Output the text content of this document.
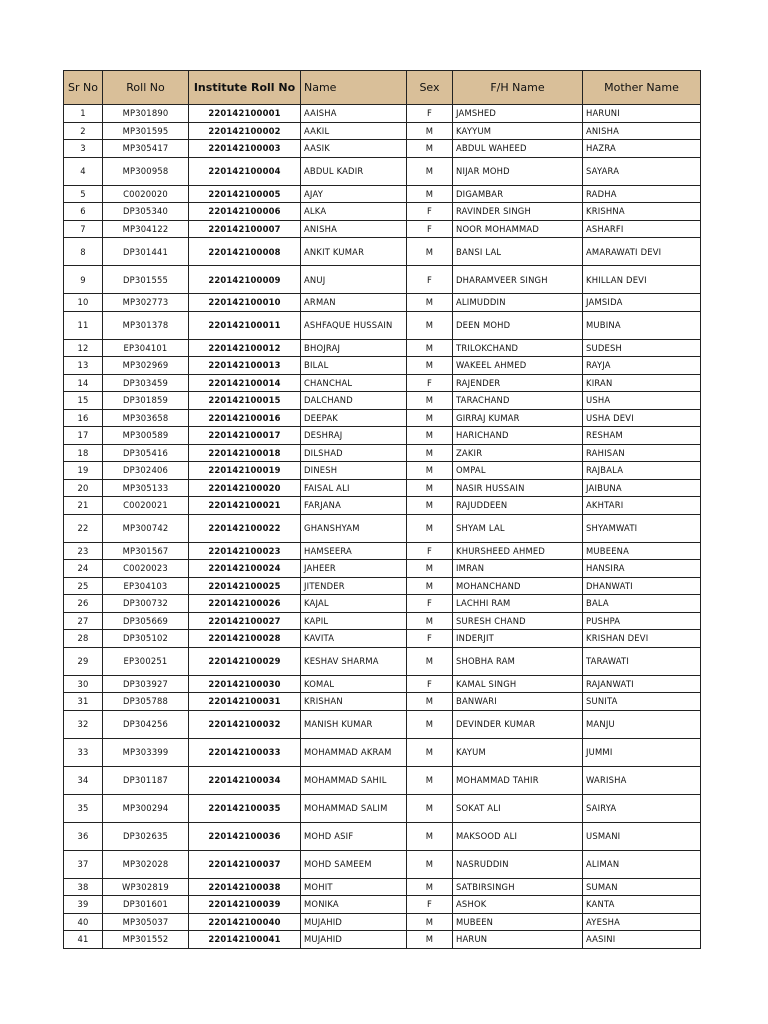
Sr No	Roll No	Institute Roll No	Name	Sex	F/H Name	Mother Name
1	MP301890	220142100001	AAISHA	F	JAMSHED	HARUNI
2	MP301595	220142100002	AAKIL	M	KAYYUM	ANISHA
3	MP305417	220142100003	AASIK	M	ABDUL WAHEED	HAZRA
4	MP300958	220142100004	ABDUL KADIR	M	NIJAR MOHD	SAYARA
5	C0020020	220142100005	AJAY	M	DIGAMBAR	RADHA
6	DP305340	220142100006	ALKA	F	RAVINDER SINGH	KRISHNA
7	MP304122	220142100007	ANISHA	F	NOOR MOHAMMAD	ASHARFI
8	DP301441	220142100008	ANKIT KUMAR	M	BANSI LAL	AMARAWATI DEVI
9	DP301555	220142100009	ANUJ	F	DHARAMVEER SINGH	KHILLAN DEVI
10	MP302773	220142100010	ARMAN	M	ALIMUDDIN	JAMSIDA
11	MP301378	220142100011	ASHFAQUE HUSSAIN	M	DEEN MOHD	MUBINA
12	EP304101	220142100012	BHOJRAJ	M	TRILOKCHAND	SUDESH
13	MP302969	220142100013	BILAL	M	WAKEEL AHMED	RAYJA
14	DP303459	220142100014	CHANCHAL	F	RAJENDER	KIRAN
15	DP301859	220142100015	DALCHAND	M	TARACHAND	USHA
16	MP303658	220142100016	DEEPAK	M	GIRRAJ KUMAR	USHA DEVI
17	MP300589	220142100017	DESHRAJ	M	HARICHAND	RESHAM
18	DP305416	220142100018	DILSHAD	M	ZAKIR	RAHISAN
19	DP302406	220142100019	DINESH	M	OMPAL	RAJBALA
20	MP305133	220142100020	FAISAL ALI	M	NASIR HUSSAIN	JAIBUNA
21	C0020021	220142100021	FARJANA	M	RAJUDDEEN	AKHTARI
22	MP300742	220142100022	GHANSHYAM	M	SHYAM LAL	SHYAMWATI
23	MP301567	220142100023	HAMSEERA	F	KHURSHEED AHMED	MUBEENA
24	C0020023	220142100024	JAHEER	M	IMRAN	HANSIRA
25	EP304103	220142100025	JITENDER	M	MOHANCHAND	DHANWATI
26	DP300732	220142100026	KAJAL	F	LACHHI RAM	BALA
27	DP305669	220142100027	KAPIL	M	SURESH CHAND	PUSHPA
28	DP305102	220142100028	KAVITA	F	INDERJIT	KRISHAN DEVI
29	EP300251	220142100029	KESHAV SHARMA	M	SHOBHA RAM	TARAWATI
30	DP303927	220142100030	KOMAL	F	KAMAL SINGH	RAJANWATI
31	DP305788	220142100031	KRISHAN	M	BANWARI	SUNITA
32	DP304256	220142100032	MANISH KUMAR	M	DEVINDER KUMAR	MANJU
33	MP303399	220142100033	MOHAMMAD AKRAM	M	KAYUM	JUMMI
34	DP301187	220142100034	MOHAMMAD SAHIL	M	MOHAMMAD TAHIR	WARISHA
35	MP300294	220142100035	MOHAMMAD SALIM	M	SOKAT ALI	SAIRYA
36	DP302635	220142100036	MOHD ASIF	M	MAKSOOD ALI	USMANI
37	MP302028	220142100037	MOHD SAMEEM	M	NASRUDDIN	ALIMAN
38	WP302819	220142100038	MOHIT	M	SATBIRSINGH	SUMAN
39	DP301601	220142100039	MONIKA	F	ASHOK	KANTA
40	MP305037	220142100040	MUJAHID	M	MUBEEN	AYESHA
41	MP301552	220142100041	MUJAHID	M	HARUN	AASINI
